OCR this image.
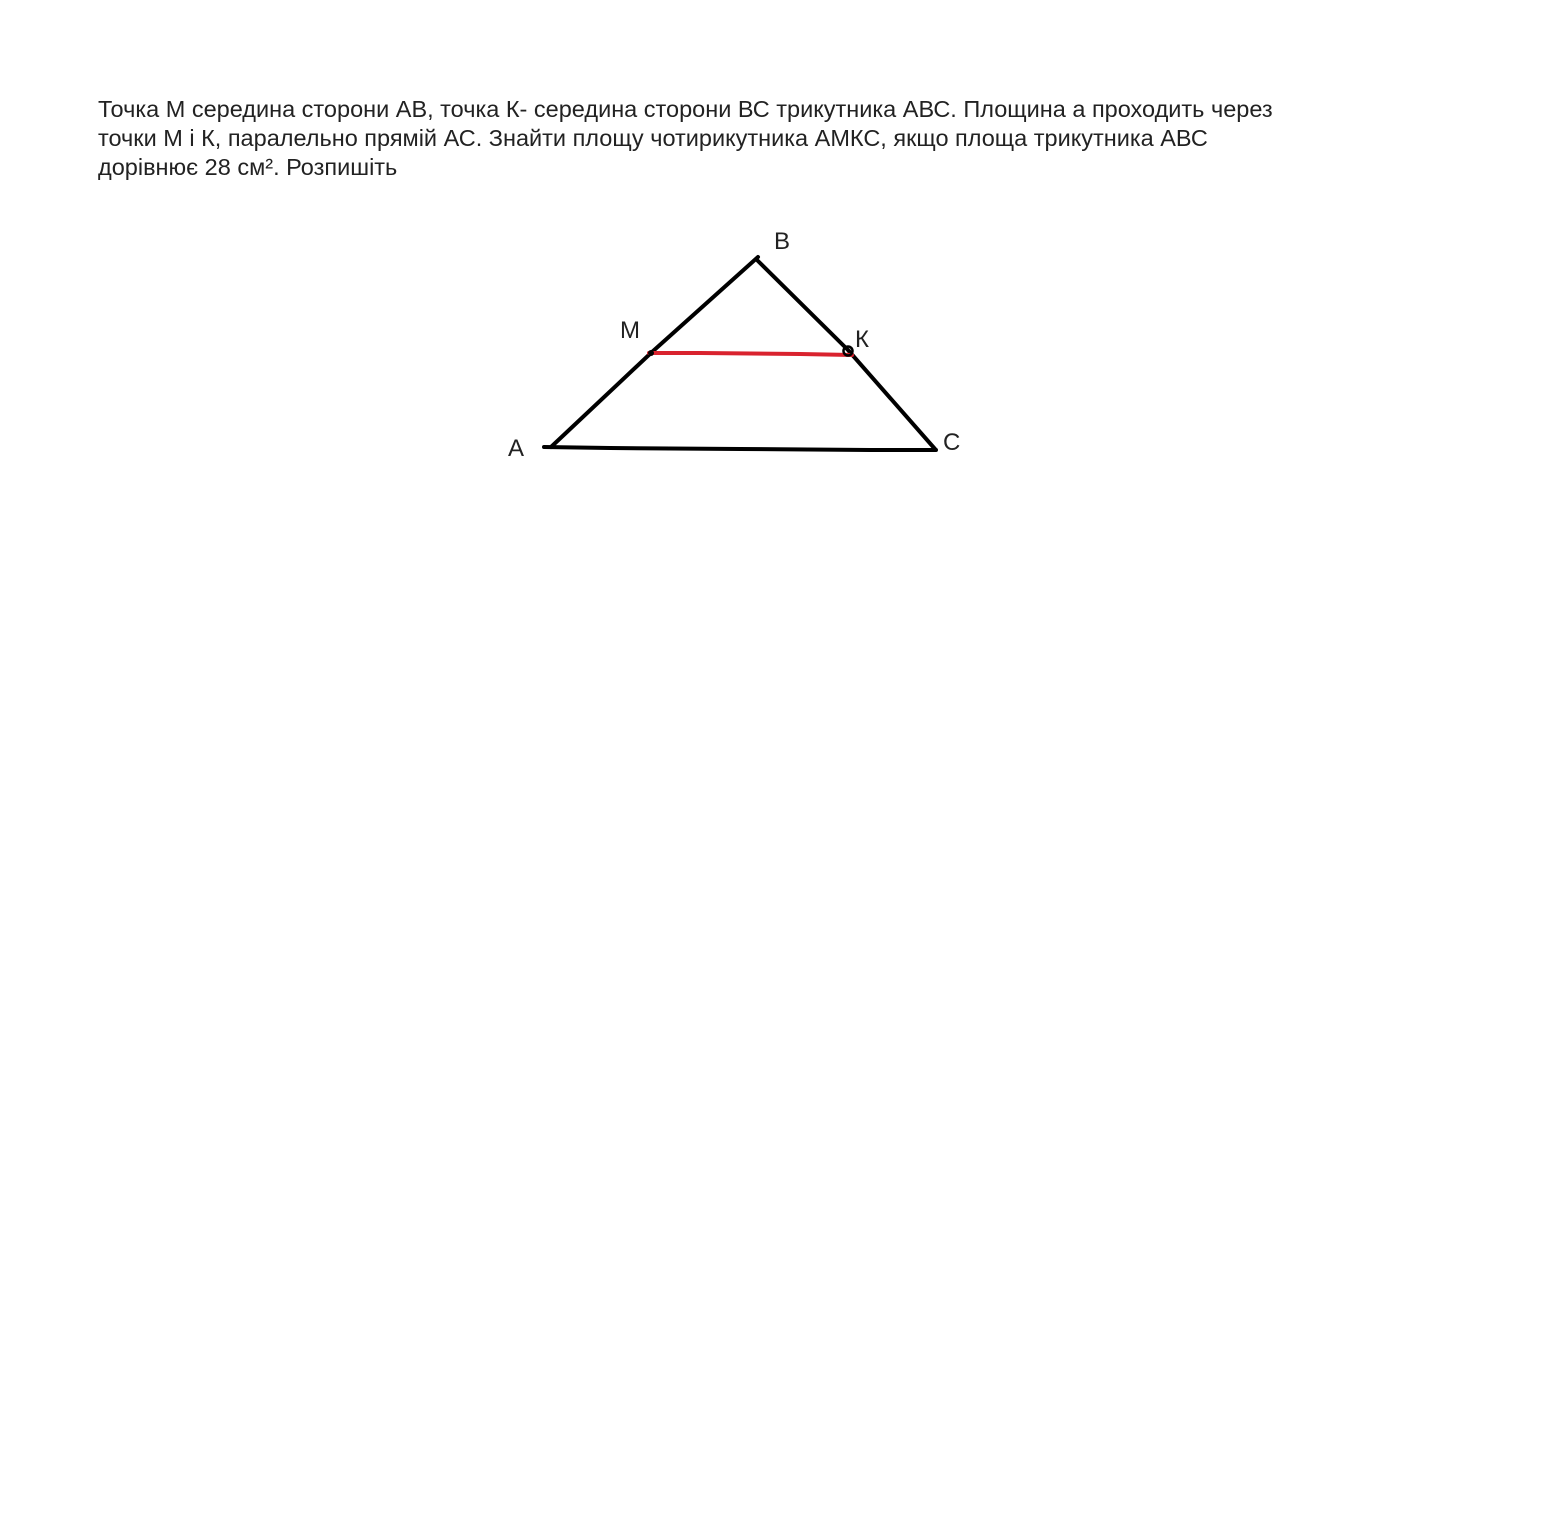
Точка М середина сторони АВ, точка К- середина сторони ВС трикутника АВС. Площина а проходить через
точки М і К, паралельно прямій АС. Знайти площу чотирикутника АМКС, якщо площа трикутника АВС
дорівнює 28 см². Розпишіть
A
B
C
M	К
